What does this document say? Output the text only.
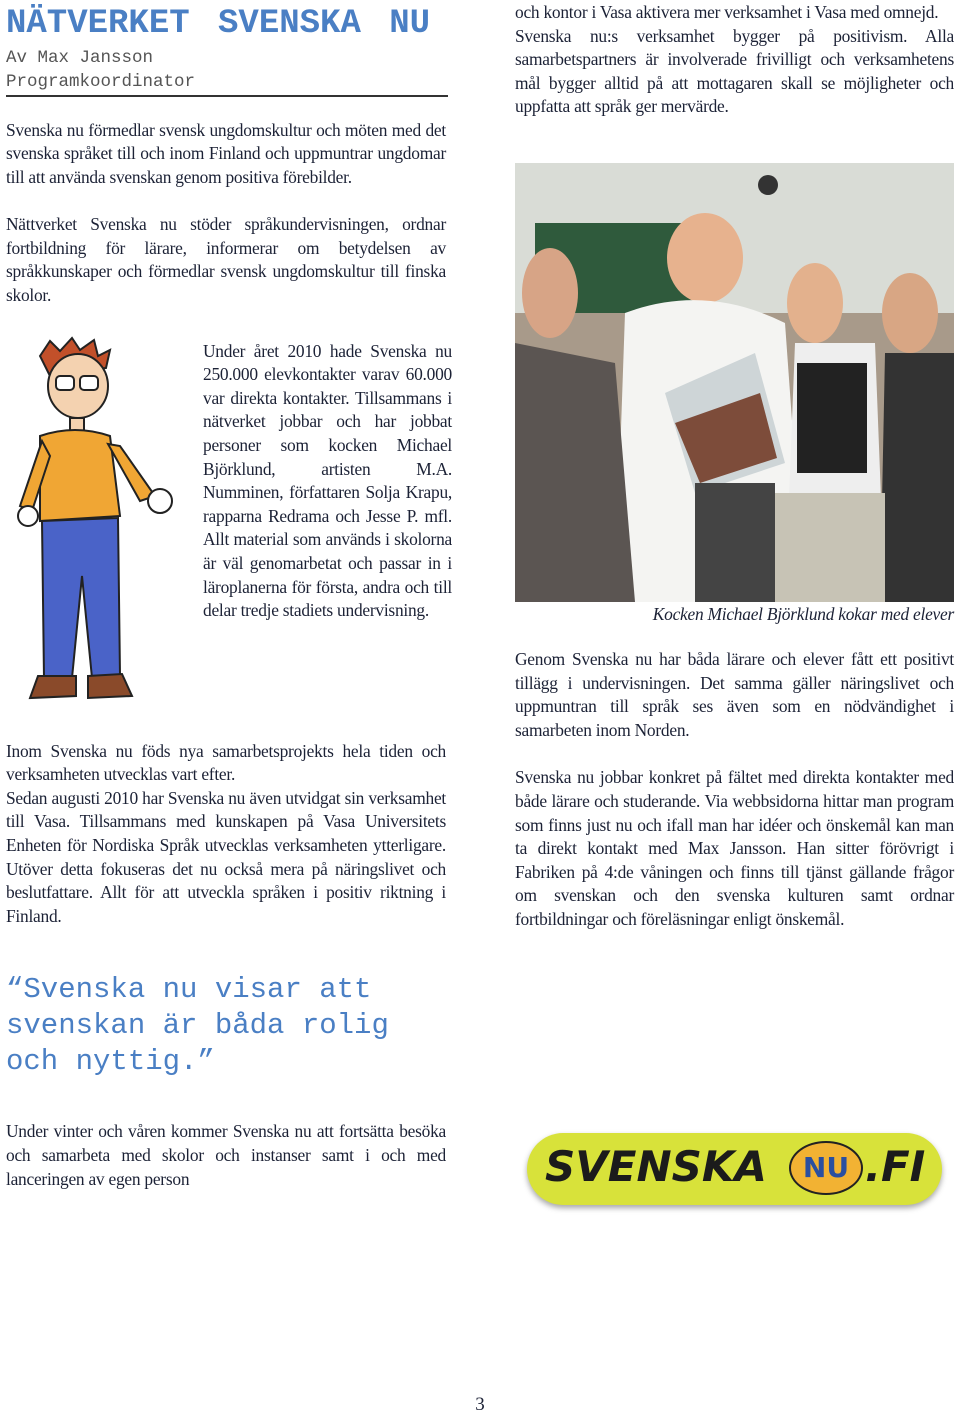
NÄTVERKET SVENSKA NU
Av Max Jansson
Programkoordinator

Svenska nu förmedlar svensk ungdomskultur och möten med det svenska språket till och inom Finland och uppmuntrar ungdomar till att använda svenskan genom positiva förebilder.

Nättverket Svenska nu stöder språkundervisningen, ordnar fortbildning för lärare, informerar om betydelsen av språkkunskaper och förmedlar svensk ungdomskultur till finska skolor.

Under året 2010 hade Svenska nu 250.000 elevkontakter varav 60.000 var direkta kontakter. Tillsammans i nätverket jobbar och har jobbat personer som kocken Michael Björklund, artisten M.A. Numminen, författaren Solja Krapu, rapparna Redrama och Jesse P. mfl. Allt material som används i skolorna är väl genomarbetat och passar in i läroplanerna för första, andra och till delar tredje stadiets undervisning.

Inom Svenska nu föds nya samarbetsprojekts hela tiden och verksamheten utvecklas vart efter.

Sedan augusti 2010 har Svenska nu även utvidgat sin verksamhet till Vasa. Tillsammans med kunskapen på Vasa Universitets Enheten för Nordiska Språk utvecklas verksamheten ytterligare. Utöver detta fokuseras det nu också mera på näringslivet och beslutfattare. Allt för att utveckla språken i positiv riktning i Finland.

“Svenska nu visar att svenskan är båda rolig och nyttig.”

Under vinter och våren kommer Svenska nu att fortsätta besöka och samarbeta med skolor och instanser samt i och med lanceringen av egen person

och kontor i Vasa aktivera mer verksamhet i Vasa med omnejd.

Svenska nu:s verksamhet bygger på positivism. Alla samarbetspartners är involverade frivilligt och verksamhetens mål bygger alltid på att mottagaren skall se möjligheter och uppfatta att språk ger mervärde.

Kocken Michael Björklund kokar med elever

Genom Svenska nu har båda lärare och elever fått ett positivt tillägg i undervisningen. Det samma gäller näringslivet och uppmuntran till språk ses även som en nödvändighet i samarbeten inom Norden.

Svenska nu jobbar konkret på fältet med direkta kontakter med både lärare och studerande. Via webbsidorna hittar man program som finns just nu och ifall man har idéer och önskemål kan man ta direkt kontakt med Max Jansson. Han sitter förövrigt i Fabriken på 4:de våningen och finns till tjänst gällande frågor om svenskan och den svenska kulturen samt ordnar fortbildningar och föreläsningar enligt önskemål.

SVENSKA	NU .FI
3
